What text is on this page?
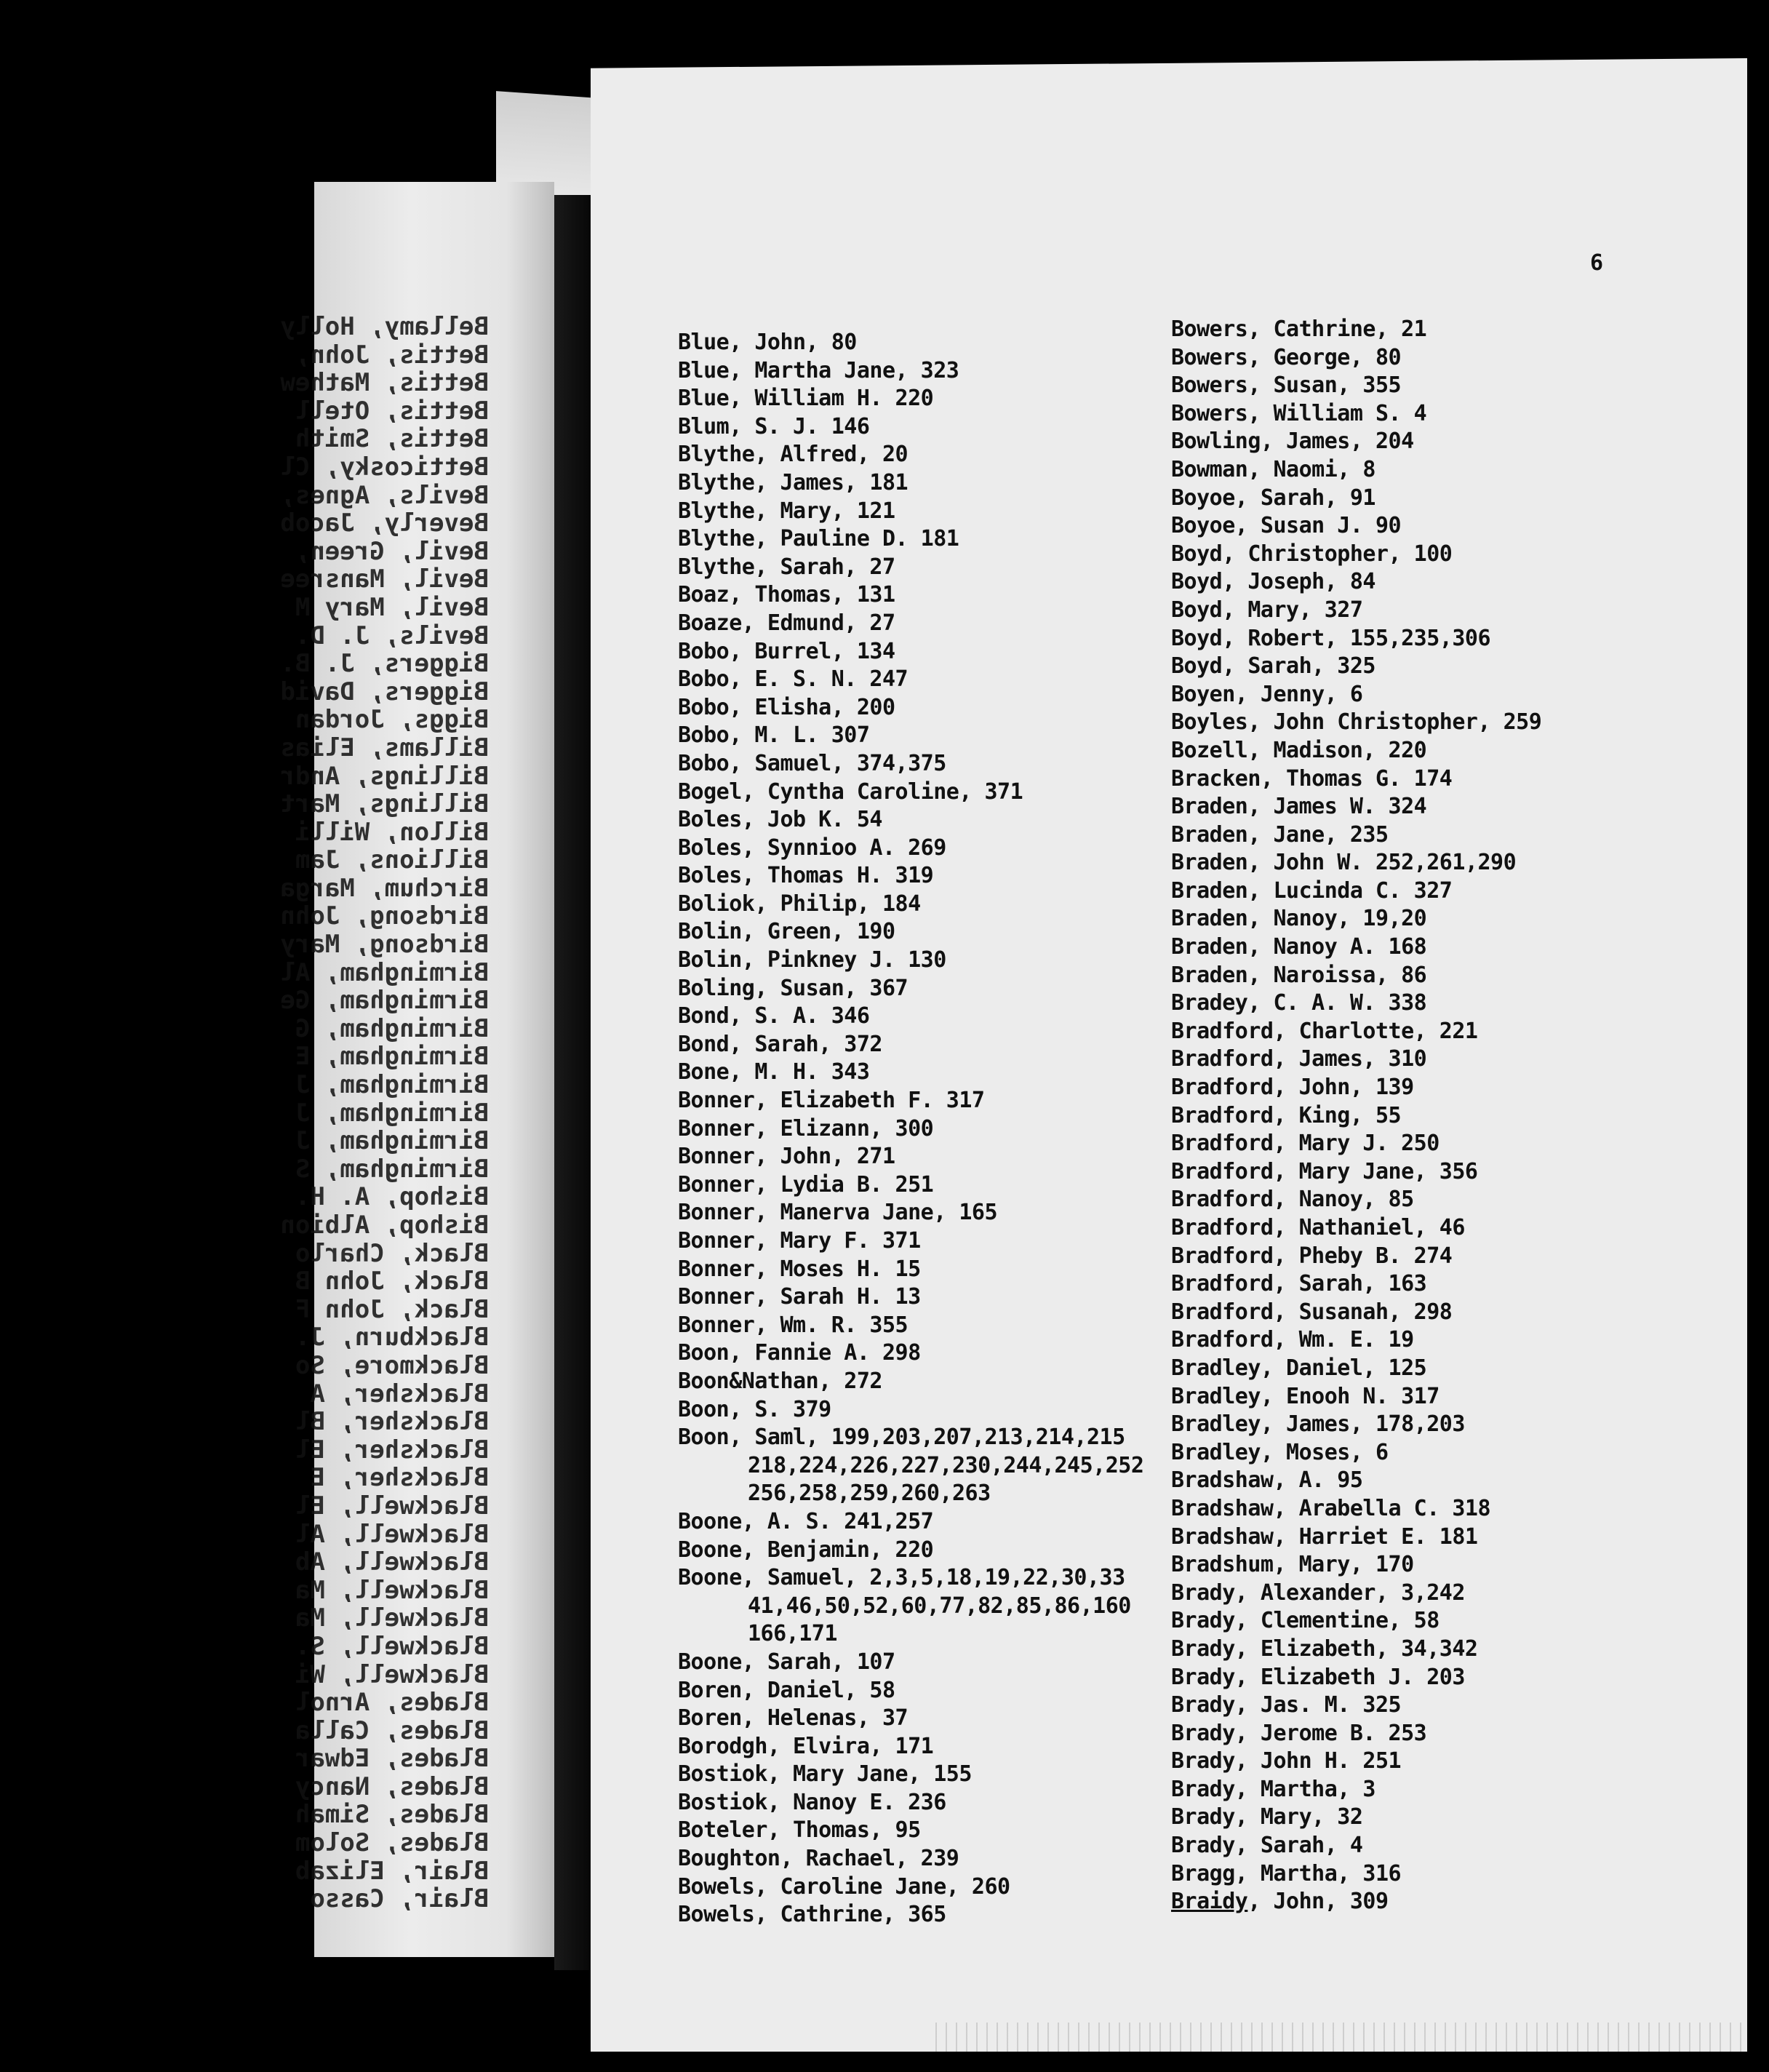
Bellamy, Holly
Bettis, John,
Bettis, Mathew
Bettis, Otell
Bettis, Smith
Betticosky, Cl
Bevils, Agnes,
Beverly, Jacob
Bevil, Green,
Bevil, Mansree
Bevil, Mary M
Bevils, J. D.
Biggers, J. B.
Biggers, David
Biggs, Jordan
Billams, Elias
Billings, Andr
Billings, Mart
Billon, Willi
Billions, Jam
Birchum, Marga
Birdsong, John
Birdsong, Mary
Birmingham, Al
Birmingham, Ge
Birmingham, G
Birmingham, E
Birmingham, J
Birmingham, J
Birmingham, J
Birmingham, S
Bishop, A. H.
Bishop, Albion
Black, Charlo
Black, John B
Black, John F
Blackburn, J.
Blackmore, So
Blacksher, A
Blacksher, Bl
Blacksher, El
Blacksher, E
Blackwell, El
Blackwell, Al
Blackwell, Ab
Blackwell, Ma
Blackwell, Ma
Blackwell, S.
Blackwell, Wi
Blades, Arnol
Blades, Calla
Blades, Edwar
Blades, Nancy
Blades, Simah
Blades, Solom
Blair, Elizab
Blair, Casso
6
Blue, John, 80
Blue, Martha Jane, 323
Blue, William H. 220
Blum, S. J. 146
Blythe, Alfred, 20
Blythe, James, 181
Blythe, Mary, 121
Blythe, Pauline D. 181
Blythe, Sarah, 27
Boaz, Thomas, 131
Boaze, Edmund, 27
Bobo, Burrel, 134
Bobo, E. S. N. 247
Bobo, Elisha, 200
Bobo, M. L. 307
Bobo, Samuel, 374,375
Bogel, Cyntha Caroline, 371
Boles, Job K. 54
Boles, Synnioo A. 269
Boles, Thomas H. 319
Boliok, Philip, 184
Bolin, Green, 190
Bolin, Pinkney J. 130
Boling, Susan, 367
Bond, S. A. 346
Bond, Sarah, 372
Bone, M. H. 343
Bonner, Elizabeth F. 317
Bonner, Elizann, 300
Bonner, John, 271
Bonner, Lydia B. 251
Bonner, Manerva Jane, 165
Bonner, Mary F. 371
Bonner, Moses H. 15
Bonner, Sarah H. 13
Bonner, Wm. R. 355
Boon, Fannie A. 298
Boon&Nathan, 272
Boon, S. 379
Boon, Saml, 199,203,207,213,214,215
218,224,226,227,230,244,245,252
256,258,259,260,263
Boone, A. S. 241,257
Boone, Benjamin, 220
Boone, Samuel, 2,3,5,18,19,22,30,33
41,46,50,52,60,77,82,85,86,160
166,171
Boone, Sarah, 107
Boren, Daniel, 58
Boren, Helenas, 37
Borodgh, Elvira, 171
Bostiok, Mary Jane, 155
Bostiok, Nanoy E. 236
Boteler, Thomas, 95
Boughton, Rachael, 239
Bowels, Caroline Jane, 260
Bowels, Cathrine, 365
Bowers, Cathrine, 21
Bowers, George, 80
Bowers, Susan, 355
Bowers, William S. 4
Bowling, James, 204
Bowman, Naomi, 8
Boyoe, Sarah, 91
Boyoe, Susan J. 90
Boyd, Christopher, 100
Boyd, Joseph, 84
Boyd, Mary, 327
Boyd, Robert, 155,235,306
Boyd, Sarah, 325
Boyen, Jenny, 6
Boyles, John Christopher, 259
Bozell, Madison, 220
Bracken, Thomas G. 174
Braden, James W. 324
Braden, Jane, 235
Braden, John W. 252,261,290
Braden, Lucinda C. 327
Braden, Nanoy, 19,20
Braden, Nanoy A. 168
Braden, Naroissa, 86
Bradey, C. A. W. 338
Bradford, Charlotte, 221
Bradford, James, 310
Bradford, John, 139
Bradford, King, 55
Bradford, Mary J. 250
Bradford, Mary Jane, 356
Bradford, Nanoy, 85
Bradford, Nathaniel, 46
Bradford, Pheby B. 274
Bradford, Sarah, 163
Bradford, Susanah, 298
Bradford, Wm. E. 19
Bradley, Daniel, 125
Bradley, Enooh N. 317
Bradley, James, 178,203
Bradley, Moses, 6
Bradshaw, A. 95
Bradshaw, Arabella C. 318
Bradshaw, Harriet E. 181
Bradshum, Mary, 170
Brady, Alexander, 3,242
Brady, Clementine, 58
Brady, Elizabeth, 34,342
Brady, Elizabeth J. 203
Brady, Jas. M. 325
Brady, Jerome B. 253
Brady, John H. 251
Brady, Martha, 3
Brady, Mary, 32
Brady, Sarah, 4
Bragg, Martha, 316
Braidy, John, 309
